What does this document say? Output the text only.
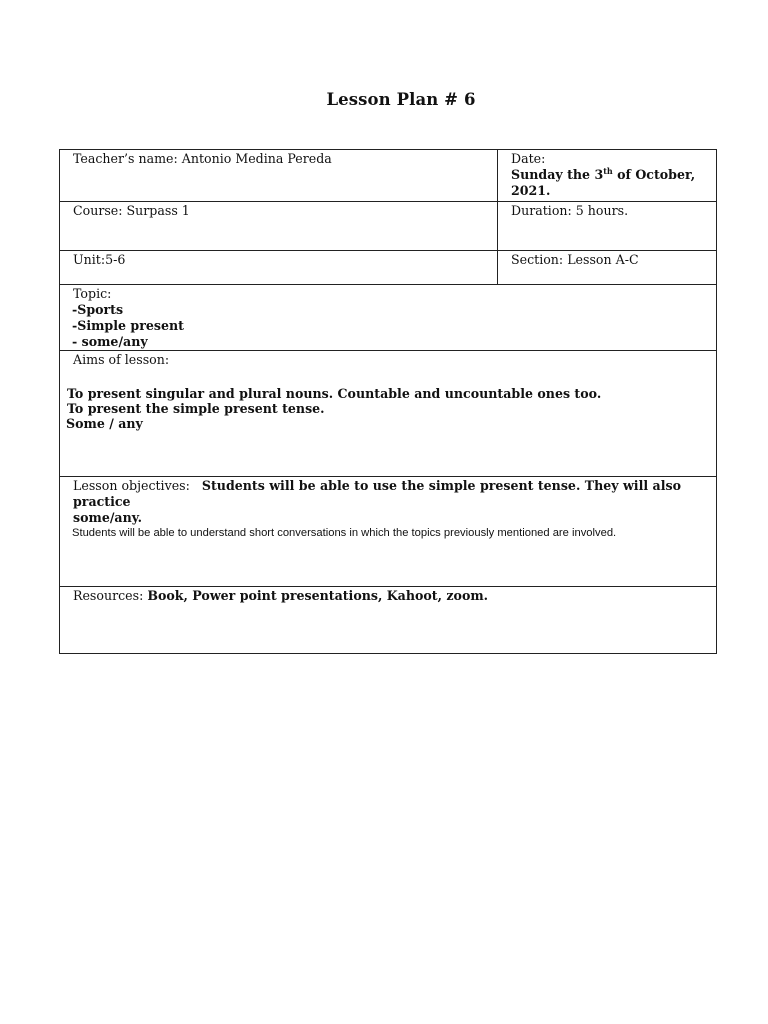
Lesson Plan # 6
Teacher’s name: Antonio Medina Pereda	Date:
Sunday the 3th of October,
2021.
Course: Surpass 1	Duration: 5 hours.
Unit:5-6	Section: Lesson A-C
Topic:
-Sports
-Simple present
- some/any
Aims of lesson:
To present singular and plural nouns. Countable and uncountable ones too.
To present the simple present tense.
Some / any
Lesson objectives: Students will be able to use the simple present tense. They will also practice
some/any.
Students will be able to understand short conversations in which the topics previously mentioned are involved.
Resources: Book, Power point presentations, Kahoot, zoom.
